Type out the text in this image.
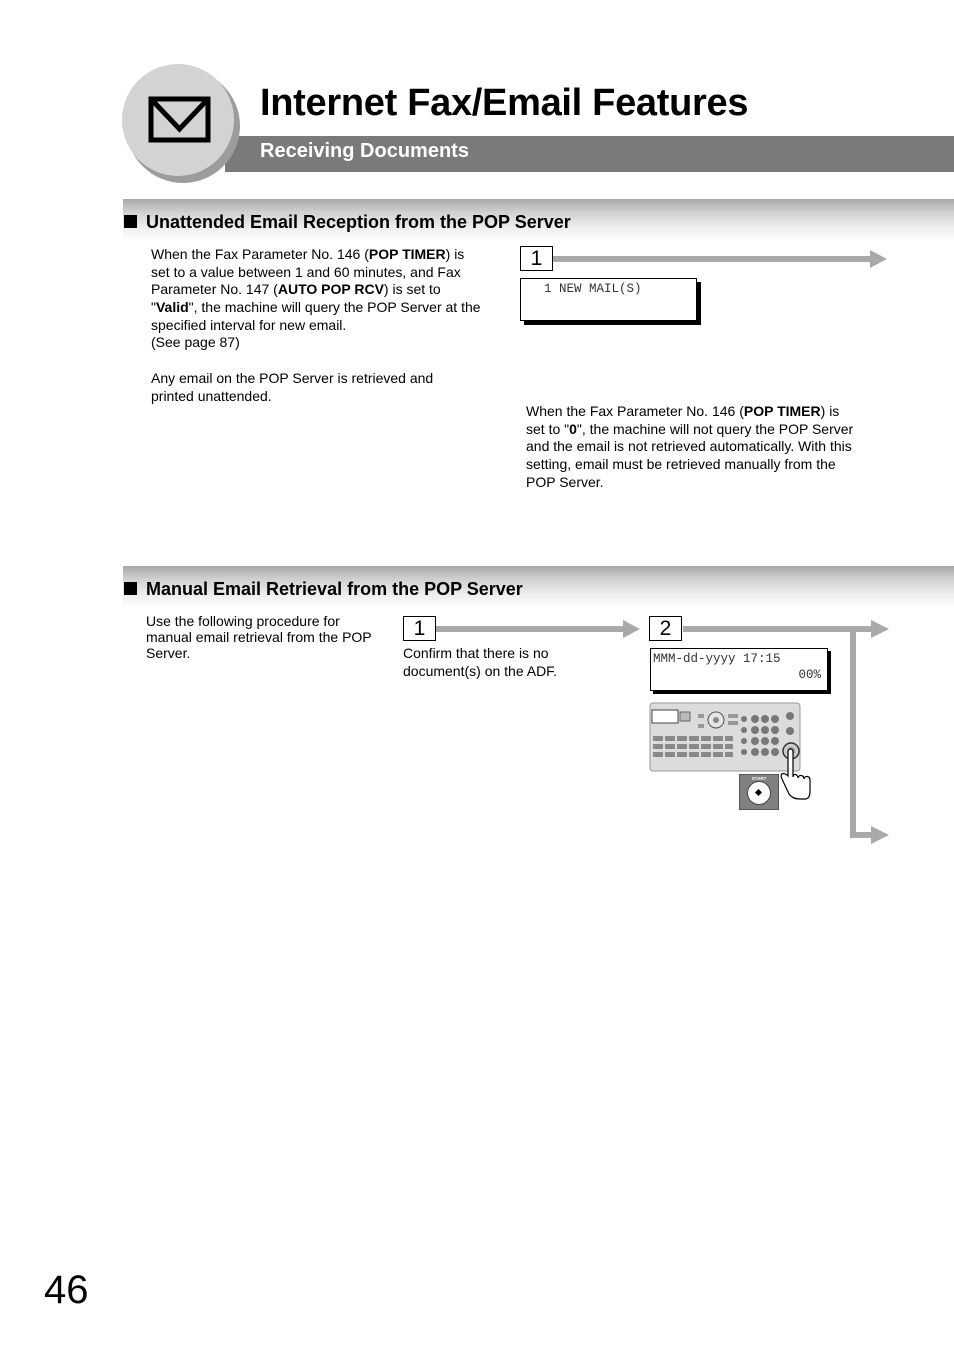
START
Internet Fax/Email Features
Receiving Documents
Unattended Email Reception from the POP Server
When the Fax Parameter No. 146 (POP TIMER) is set to a value between 1 and 60 minutes, and Fax Parameter No. 147 (AUTO POP RCV) is set to "Valid", the machine will query the POP Server at the specified interval for new email.
(See page 87)
Any email on the POP Server is retrieved and printed unattended.
1
1 NEW MAIL(S)
When the Fax Parameter No. 146 (POP TIMER) is set to "0", the machine will not query the POP Server and the email is not retrieved automatically. With this setting, email must be retrieved manually from the POP Server.
Manual Email Retrieval from the POP Server
Use the following procedure for manual email retrieval from the POP Server.
1
Confirm that there is no document(s) on the ADF.
2
MMM-dd-yyyy 17:15
00%
46
